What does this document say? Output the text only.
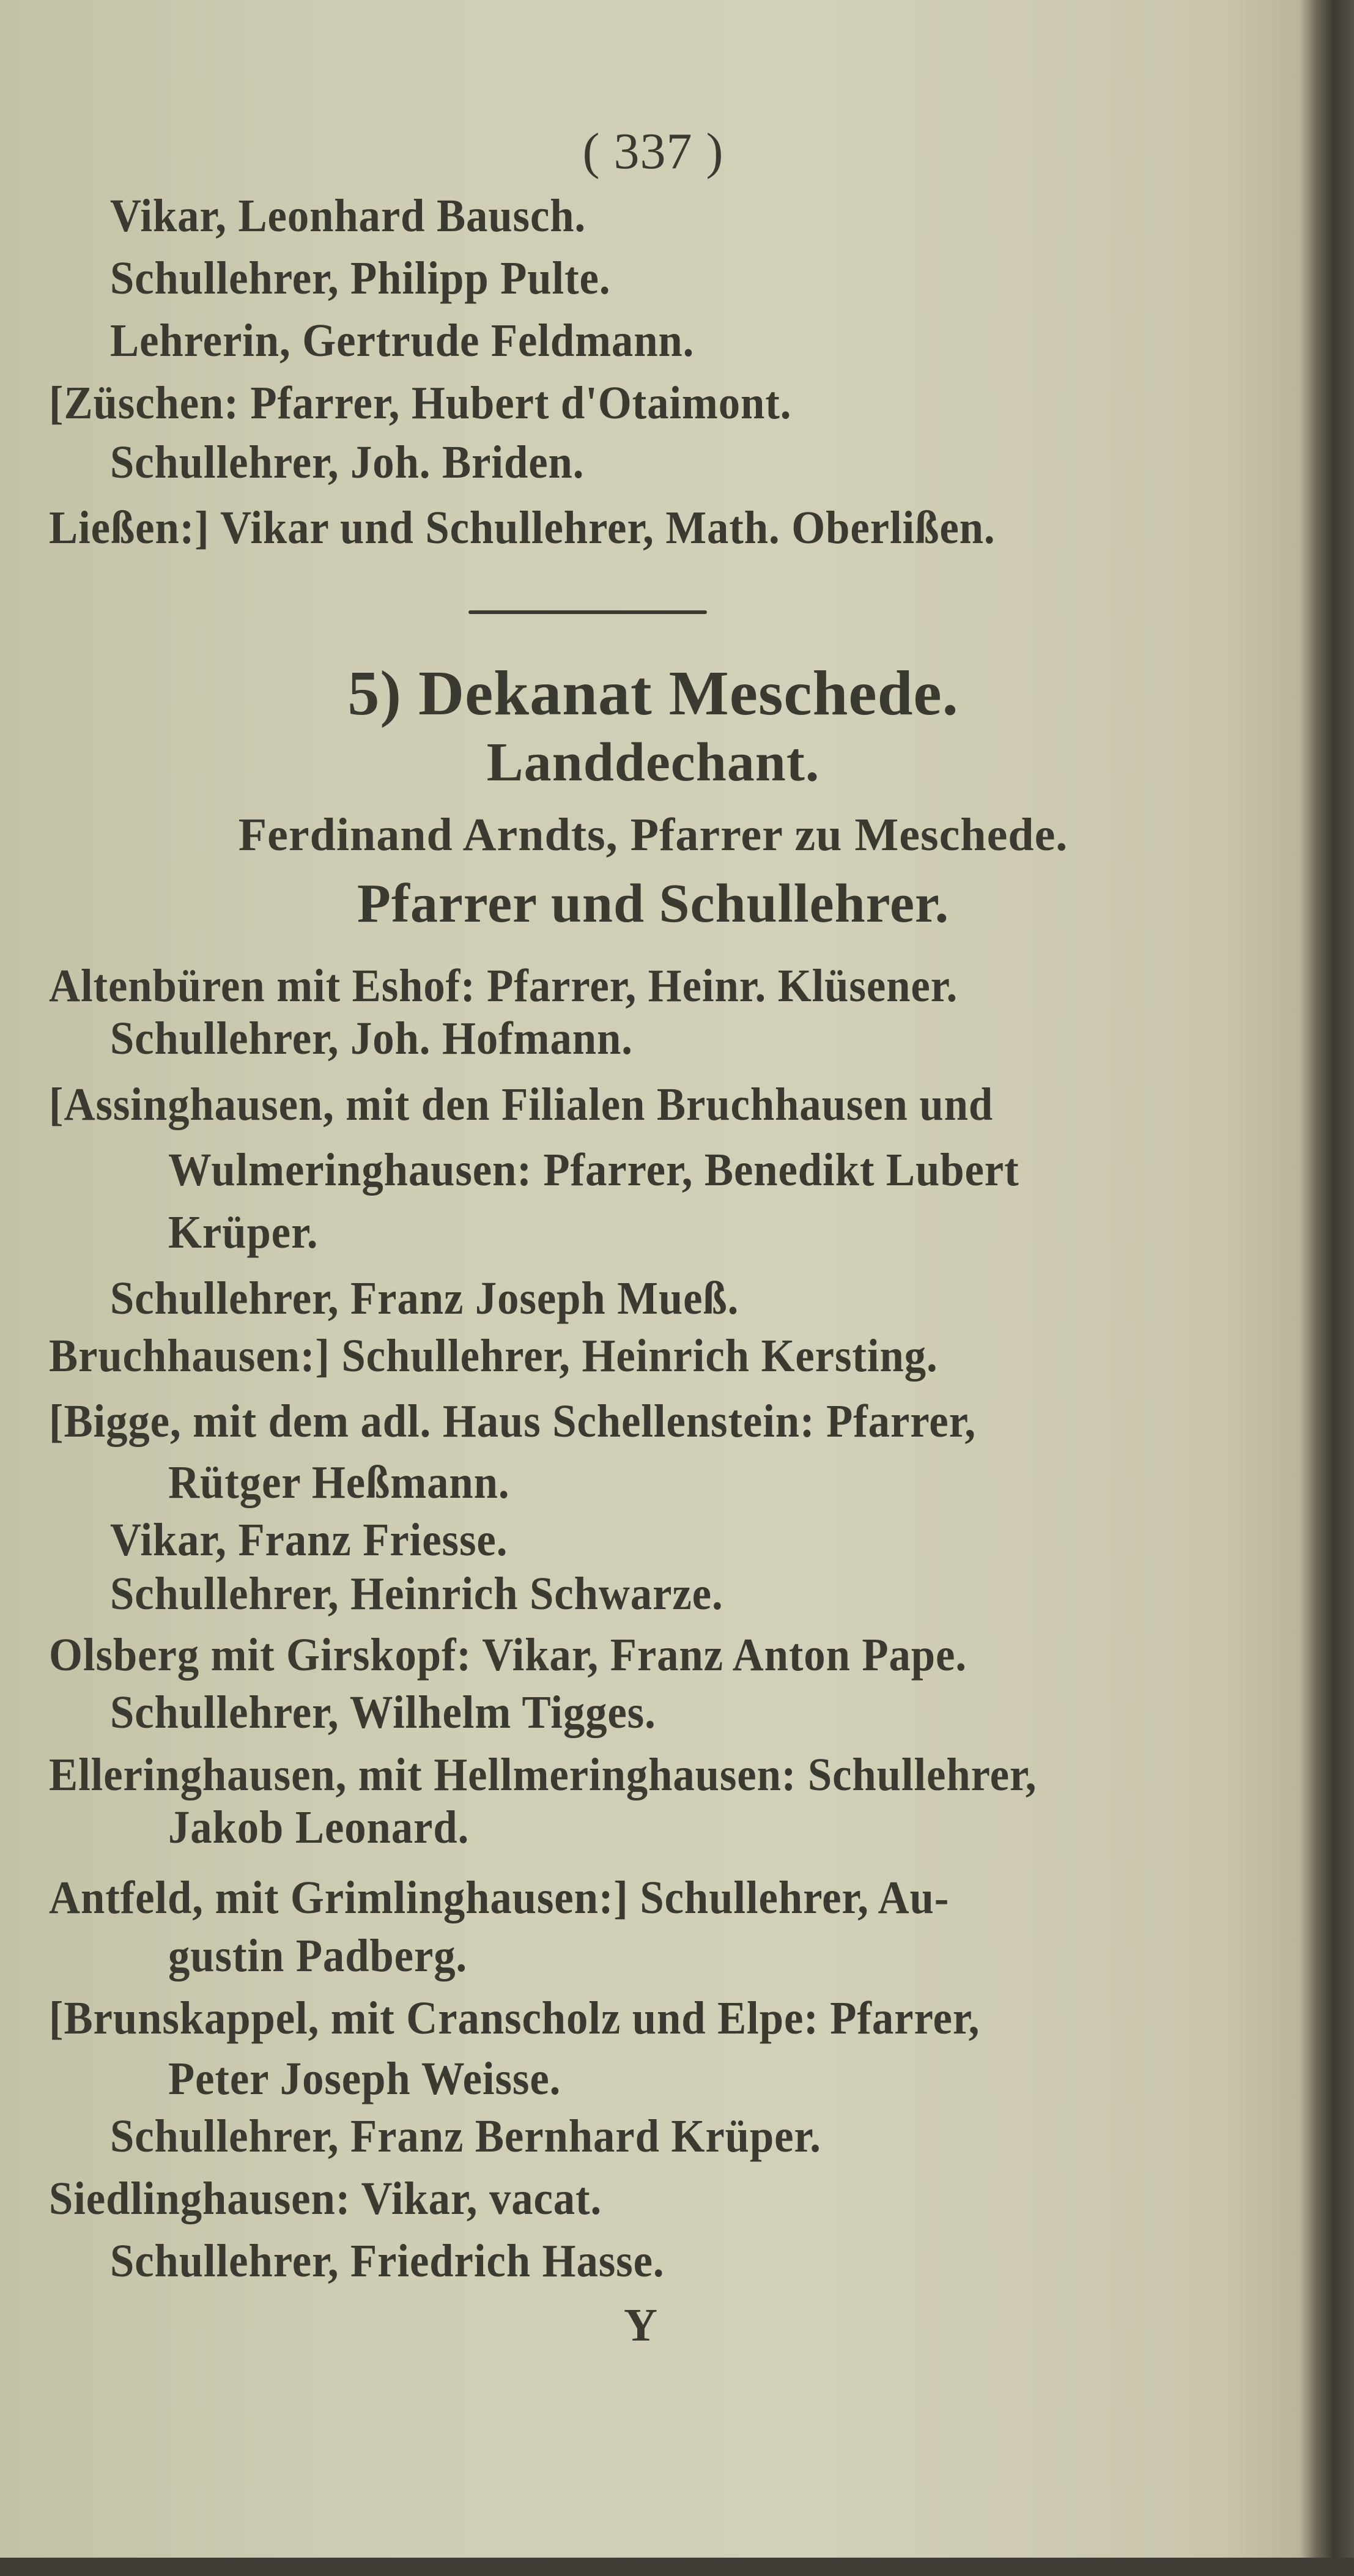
( 337 )
Vikar, Leonhard Bausch.
Schullehrer, Philipp Pulte.
Lehrerin, Gertrude Feldmann.
[Züschen: Pfarrer, Hubert d'Otaimont.
Schullehrer, Joh. Briden.
Ließen:] Vikar und Schullehrer, Math. Oberlißen.
5) Dekanat Meschede.
Landdechant.
Ferdinand Arndts, Pfarrer zu Meschede.
Pfarrer und Schullehrer.
Altenbüren mit Eshof: Pfarrer, Heinr. Klüsener.
Schullehrer, Joh. Hofmann.
[Assinghausen, mit den Filialen Bruchhausen und
Wulmeringhausen: Pfarrer, Benedikt Lubert
Krüper.
Schullehrer, Franz Joseph Mueß.
Bruchhausen:] Schullehrer, Heinrich Kersting.
[Bigge, mit dem adl. Haus Schellenstein: Pfarrer,
Rütger Heßmann.
Vikar, Franz Friesse.
Schullehrer, Heinrich Schwarze.
Olsberg mit Girskopf: Vikar, Franz Anton Pape.
Schullehrer, Wilhelm Tigges.
Elleringhausen, mit Hellmeringhausen: Schullehrer,
Jakob Leonard.
Antfeld, mit Grimlinghausen:] Schullehrer, Au-
gustin Padberg.
[Brunskappel, mit Cranscholz und Elpe: Pfarrer,
Peter Joseph Weisse.
Schullehrer, Franz Bernhard Krüper.
Siedlinghausen: Vikar, vacat.
Schullehrer, Friedrich Hasse.
Y
